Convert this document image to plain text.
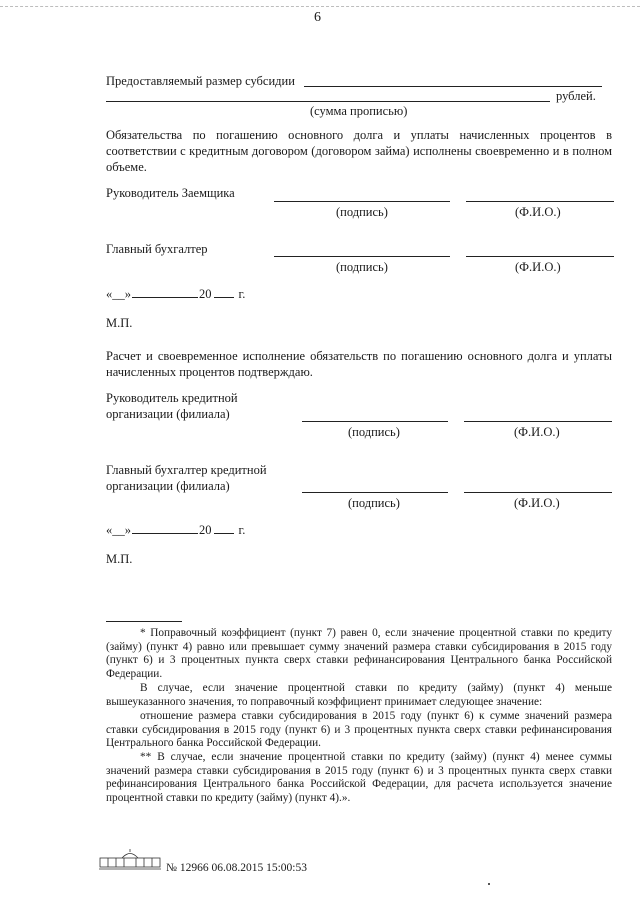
6
Предоставляемый размер субсидии
рублей.
(сумма прописью)
Обязательства по погашению основного долга и уплаты начисленных процентов в соответствии с кредитным договором (договором займа) исполнены своевременно и в полном объеме.
Руководитель Заемщика
(подпись)	(Ф.И.О.)
Главный бухгалтер
(подпись)	(Ф.И.О.)
«__»	20 г.
М.П.
Расчет и своевременное исполнение обязательств по погашению основного долга и уплаты начисленных процентов подтверждаю.
Руководитель кредитной
организации (филиала)
(подпись)	(Ф.И.О.)
Главный бухгалтер кредитной
организации (филиала)
(подпись)	(Ф.И.О.)
«__»	20 г.
М.П.
* Поправочный коэффициент (пункт 7) равен 0, если значение процентной ставки по кредиту (займу) (пункт 4) равно или превышает сумму значений размера ставки субсидирования в 2015 году (пункт 6) и 3 процентных пункта сверх ставки рефинансирования Центрального банка Российской Федерации.
В случае, если значение процентной ставки по кредиту (займу) (пункт 4) меньше вышеуказанного значения, то поправочный коэффициент принимает следующее значение:
отношение размера ставки субсидирования в 2015 году (пункт 6) к сумме значений размера ставки субсидирования в 2015 году (пункт 6) и 3 процентных пункта сверх ставки рефинансирования Центрального банка Российской Федерации.
** В случае, если значение процентной ставки по кредиту (займу) (пункт 4) менее суммы значений размера ставки субсидирования в 2015 году (пункт 6) и 3 процентных пункта сверх ставки рефинансирования Центрального банка Российской Федерации, для расчета используется значение процентной ставки по кредиту (займу) (пункт 4).».
№ 12966 06.08.2015 15:00:53
